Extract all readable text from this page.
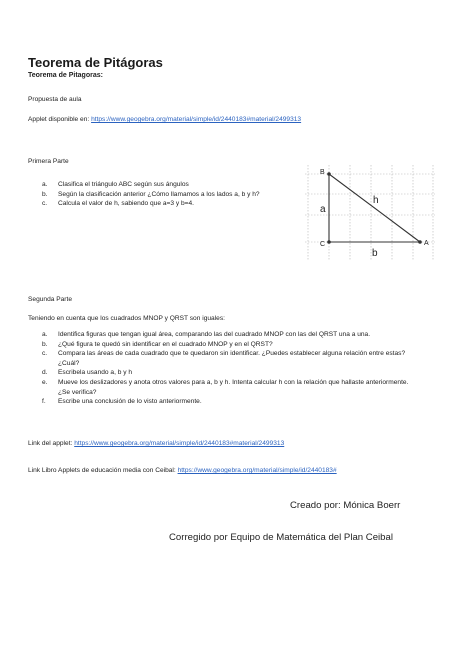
Teorema de Pitágoras
Teorema de Pitagoras:
Propuesta de aula
Applet disponible en: https://www.geogebra.org/material/simple/id/2440183#material/2499313
Primera Parte
a. Clasifica el triángulo ABC según sus ángulos
b. Según la clasificación anterior ¿Cómo llamamos a los lados a, b y h?
c. Calcula el valor de h, sabiendo que a=3 y b=4.
B
C	A
a
h
b
Segunda Parte
Teniendo en cuenta que los cuadrados MNOP y QRST son iguales:
a. Identifica figuras que tengan igual área, comparando las del cuadrado MNOP con las del QRST una a una.
b. ¿Qué figura te quedó sin identificar en el cuadrado MNOP y en el QRST?
c. Compara las áreas de cada cuadrado que te quedaron sin identificar. ¿Puedes establecer alguna relación entre estas? ¿Cuál?
d. Escribela usando a, b y h
e. Mueve los deslizadores y anota otros valores para a, b y h. Intenta calcular h con la relación que hallaste anteriormente. ¿Se verifica?
f. Escribe una conclusión de lo visto anteriormente.
Link del applet: https://www.geogebra.org/material/simple/id/2440183#material/2499313
Link Libro Applets de educación media con Ceibal: https://www.geogebra.org/material/simple/id/2440183#
Creado por: Mónica Boerr
Corregido por Equipo de Matemática del Plan Ceibal
